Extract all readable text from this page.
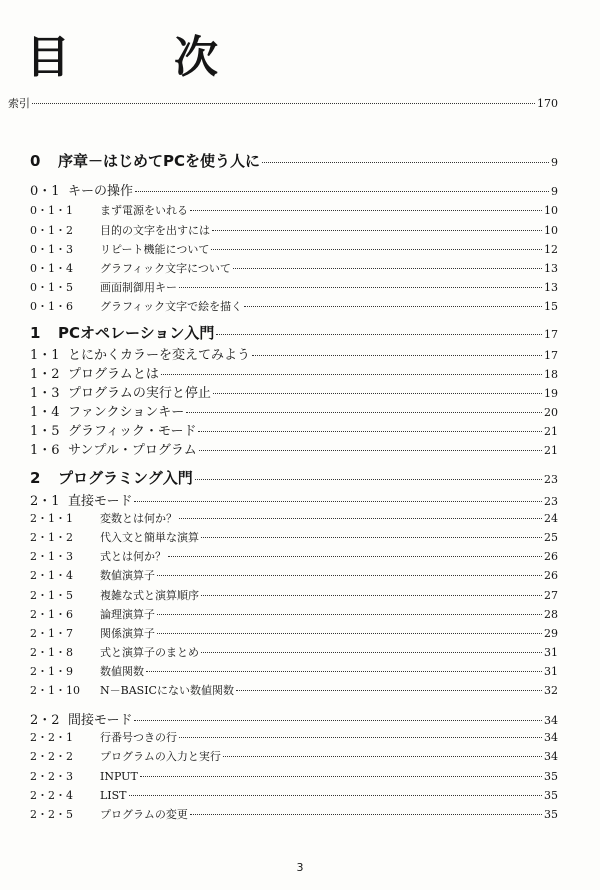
目　次
索引	170
0	序章－はじめてPCを使う人に	9
0・1 キーの操作	9
0・1・1	まず電源をいれる	10
0・1・2	目的の文字を出すには	10
0・1・3	リピート機能について	12
0・1・4	グラフィック文字について	13
0・1・5	画面制御用キー	13
0・1・6	グラフィック文字で絵を描く	15
1	PCオペレーション入門	17
1・1 とにかくカラーを変えてみよう	17
1・2 プログラムとは	18
1・3 プログラムの実行と停止	19
1・4 ファンクションキー	20
1・5 グラフィック・モード	21
1・6 サンプル・プログラム	21
2	プログラミング入門	23
2・1 直接モード	23
2・1・1	変数とは何か？	24
2・1・2	代入文と簡単な演算	25
2・1・3	式とは何か？	26
2・1・4	数値演算子	26
2・1・5	複雑な式と演算順序	27
2・1・6	論理演算子	28
2・1・7	関係演算子	29
2・1・8	式と演算子のまとめ	31
2・1・9	数値関数	31
2・1・10	N－BASICにない数値関数	32
2・2 間接モード	34
2・2・1	行番号つきの行	34
2・2・2	プログラムの入力と実行	34
2・2・3	INPUT	35
2・2・4	LIST	35
2・2・5	プログラムの変更	35
3
